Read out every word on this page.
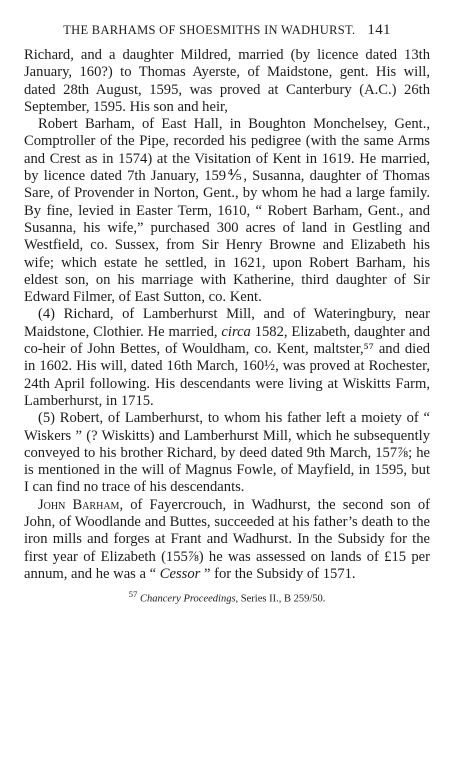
THE BARHAMS OF SHOESMITHS IN WADHURST. 141

Richard, and a daughter Mildred, married (by licence dated 13th January, 160?) to Thomas Ayerste, of Maidstone, gent. His will, dated 28th August, 1595, was proved at Canterbury (A.C.) 26th September, 1595. His son and heir,

Robert Barham, of East Hall, in Boughton Monchelsey, Gent., Comptroller of the Pipe, recorded his pedigree (with the same Arms and Crest as in 1574) at the Visitation of Kent in 1619. He married, by licence dated 7th January, 159⅘, Susanna, daughter of Thomas Sare, of Provender in Norton, Gent., by whom he had a large family. By fine, levied in Easter Term, 1610, “ Robert Barham, Gent., and Susanna, his wife,” purchased 300 acres of land in Gestling and Westfield, co. Sussex, from Sir Henry Browne and Elizabeth his wife; which estate he settled, in 1621, upon Robert Barham, his eldest son, on his marriage with Katherine, third daughter of Sir Edward Filmer, of East Sutton, co. Kent.

(4) Richard, of Lamberhurst Mill, and of Wateringbury, near Maidstone, Clothier. He married, circa 1582, Elizabeth, daughter and co-heir of John Bettes, of Wouldham, co. Kent, maltster,⁵⁷ and died in 1602. His will, dated 16th March, 160½, was proved at Rochester, 24th April following. His descendants were living at Wiskitts Farm, Lamberhurst, in 1715.

(5) Robert, of Lamberhurst, to whom his father left a moiety of “ Wiskers ” (? Wiskitts) and Lamberhurst Mill, which he subsequently conveyed to his brother Richard, by deed dated 9th March, 157⅞; he is mentioned in the will of Magnus Fowle, of Mayfield, in 1595, but I can find no trace of his descendants.

John Barham, of Fayercrouch, in Wadhurst, the second son of John, of Woodlande and Buttes, succeeded at his father’s death to the iron mills and forges at Frant and Wadhurst. In the Subsidy for the first year of Elizabeth (155⅞) he was assessed on lands of £15 per annum, and he was a “ Cessor ” for the Subsidy of 1571.

$^{57}$ Chancery Proceedings, Series II., B 259/50.
